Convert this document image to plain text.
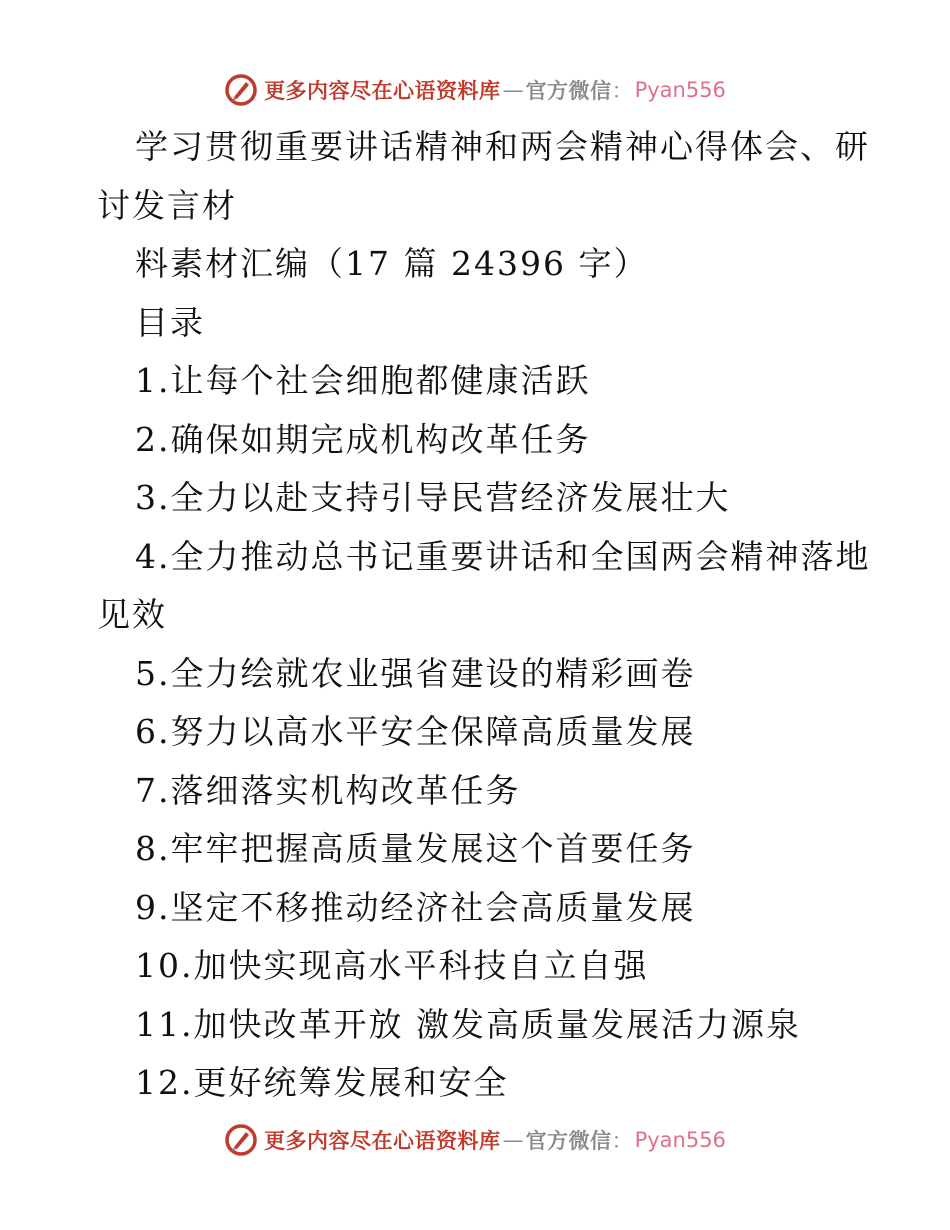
更多内容尽在心语资料库 — 官方微信 ： Pyan556
学习贯彻重要讲话精神和两会精神心得体会、研
讨发言材
料素材汇编（17 篇 24396 字）
目录
1.让每个社会细胞都健康活跃
2.确保如期完成机构改革任务
3.全力以赴支持引导民营经济发展壮大
4.全力推动总书记重要讲话和全国两会精神落地
见效
5.全力绘就农业强省建设的精彩画卷
6.努力以高水平安全保障高质量发展
7.落细落实机构改革任务
8.牢牢把握高质量发展这个首要任务
9.坚定不移推动经济社会高质量发展
10.加快实现高水平科技自立自强
11.加快改革开放 激发高质量发展活力源泉
12.更好统筹发展和安全
更多内容尽在心语资料库 — 官方微信 ： Pyan556
